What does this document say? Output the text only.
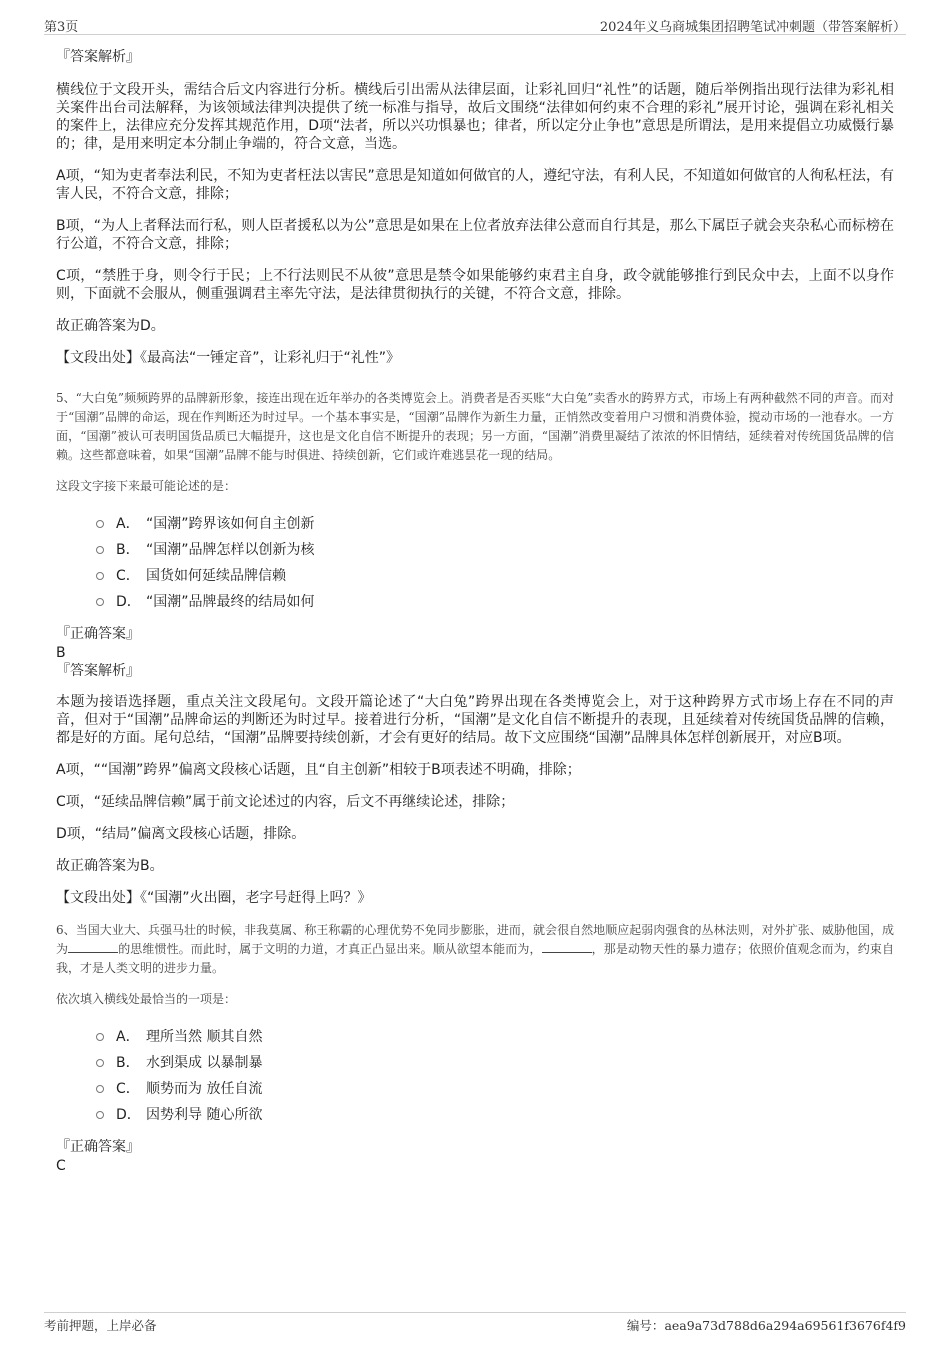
第3页	2024年义乌商城集团招聘笔试冲刺题（带答案解析）

『答案解析』

横线位于文段开头，需结合后文内容进行分析。横线后引出需从法律层面，让彩礼回归“礼性”的话题，随后举例指出现行法律为彩礼相关案件出台司法解释，为该领域法律判决提供了统一标准与指导，故后文围绕“法律如何约束不合理的彩礼”展开讨论，强调在彩礼相关的案件上，法律应充分发挥其规范作用，D项“法者，所以兴功惧暴也；律者，所以定分止争也”意思是所谓法，是用来提倡立功威慑行暴的；律，是用来明定本分制止争端的，符合文意，当选。

A项，“知为吏者奉法利民，不知为吏者枉法以害民”意思是知道如何做官的人，遵纪守法，有利人民，不知道如何做官的人徇私枉法，有害人民，不符合文意，排除；

B项，“为人上者释法而行私，则人臣者援私以为公”意思是如果在上位者放弃法律公意而自行其是，那么下属臣子就会夹杂私心而标榜在行公道，不符合文意，排除；

C项，“禁胜于身，则令行于民；上不行法则民不从彼”意思是禁令如果能够约束君主自身，政令就能够推行到民众中去，上面不以身作则，下面就不会服从，侧重强调君主率先守法，是法律贯彻执行的关键，不符合文意，排除。

故正确答案为D。

【文段出处】《最高法“一锤定音”，让彩礼归于“礼性”》

5、“大白兔”频频跨界的品牌新形象，接连出现在近年举办的各类博览会上。消费者是否买账“大白兔”卖香水的跨界方式，市场上有两种截然不同的声音。而对于“国潮”品牌的命运，现在作判断还为时过早。一个基本事实是，“国潮”品牌作为新生力量，正悄然改变着用户习惯和消费体验，搅动市场的一池春水。一方面，“国潮”被认可表明国货品质已大幅提升，这也是文化自信不断提升的表现；另一方面，“国潮”消费里凝结了浓浓的怀旧情结，延续着对传统国货品牌的信赖。这些都意味着，如果“国潮”品牌不能与时俱进、持续创新，它们或许难逃昙花一现的结局。

这段文字接下来最可能论述的是：

A． “国潮”跨界该如何自主创新
B． “国潮”品牌怎样以创新为核
C． 国货如何延续品牌信赖
D． “国潮”品牌最终的结局如何

『正确答案』

B

『答案解析』

本题为接语选择题，重点关注文段尾句。文段开篇论述了“大白兔”跨界出现在各类博览会上，对于这种跨界方式市场上存在不同的声音，但对于“国潮”品牌命运的判断还为时过早。接着进行分析，“国潮”是文化自信不断提升的表现，且延续着对传统国货品牌的信赖，都是好的方面。尾句总结，“国潮”品牌要持续创新，才会有更好的结局。故下文应围绕“国潮”品牌具体怎样创新展开，对应B项。

A项，““国潮”跨界”偏离文段核心话题，且“自主创新”相较于B项表述不明确，排除；

C项，“延续品牌信赖”属于前文论述过的内容，后文不再继续论述，排除；

D项，“结局”偏离文段核心话题，排除。

故正确答案为B。

【文段出处】《“国潮”火出圈，老字号赶得上吗？》

6、当国大业大、兵强马壮的时候，非我莫属、称王称霸的心理优势不免同步膨胀，进而，就会很自然地顺应起弱肉强食的丛林法则，对外扩张、威胁他国，成为	的思维惯性。而此时，属于文明的力道，才真正凸显出来。顺从欲望本能而为，	，那是动物天性的暴力遗存；依照价值观念而为，约束自我，才是人类文明的进步力量。

依次填入横线处最恰当的一项是：

A． 理所当然 顺其自然
B． 水到渠成 以暴制暴
C． 顺势而为 放任自流
D． 因势利导 随心所欲

『正确答案』

C

考前押题，上岸必备	编号：aea9a73d788d6a294a69561f3676f4f9
